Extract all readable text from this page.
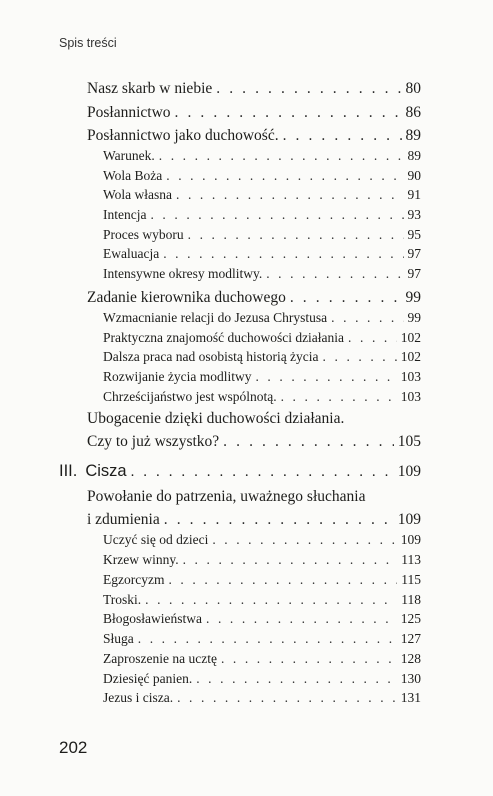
Spis treści
Nasz skarb w niebie . . .	80
Posłannictwo . . .	86
Posłannictwo jako duchowość. . . .	89
Warunek. . . .	89
Wola Boża . . .	90
Wola własna . . .	91
Intencja . . .	93
Proces wyboru . . .	95
Ewaluacja . . .	97
Intensywne okresy modlitwy. . . .	97
Zadanie kierownika duchowego . . .	99
Wzmacnianie relacji do Jezusa Chrystusa . . .	99
Praktyczna znajomość duchowości działania . . .	102
Dalsza praca nad osobistą historią życia . . .	102
Rozwijanie życia modlitwy . . .	103
Chrześcijaństwo jest wspólnotą. . . .	103
Ubogacenie dzięki duchowości działania.
Czy to już wszystko? . . .	105
III. Cisza . . .	109
Powołanie do patrzenia, uważnego słuchania
i zdumienia . . .	109
Uczyć się od dzieci . . .	109
Krzew winny. . . .	113
Egzorcyzm . . .	115
Troski. . . .	118
Błogosławieństwa . . .	125
Sługa . . .	127
Zaproszenie na ucztę . . .	128
Dziesięć panien. . . .	130
Jezus i cisza. . . .	131
202
